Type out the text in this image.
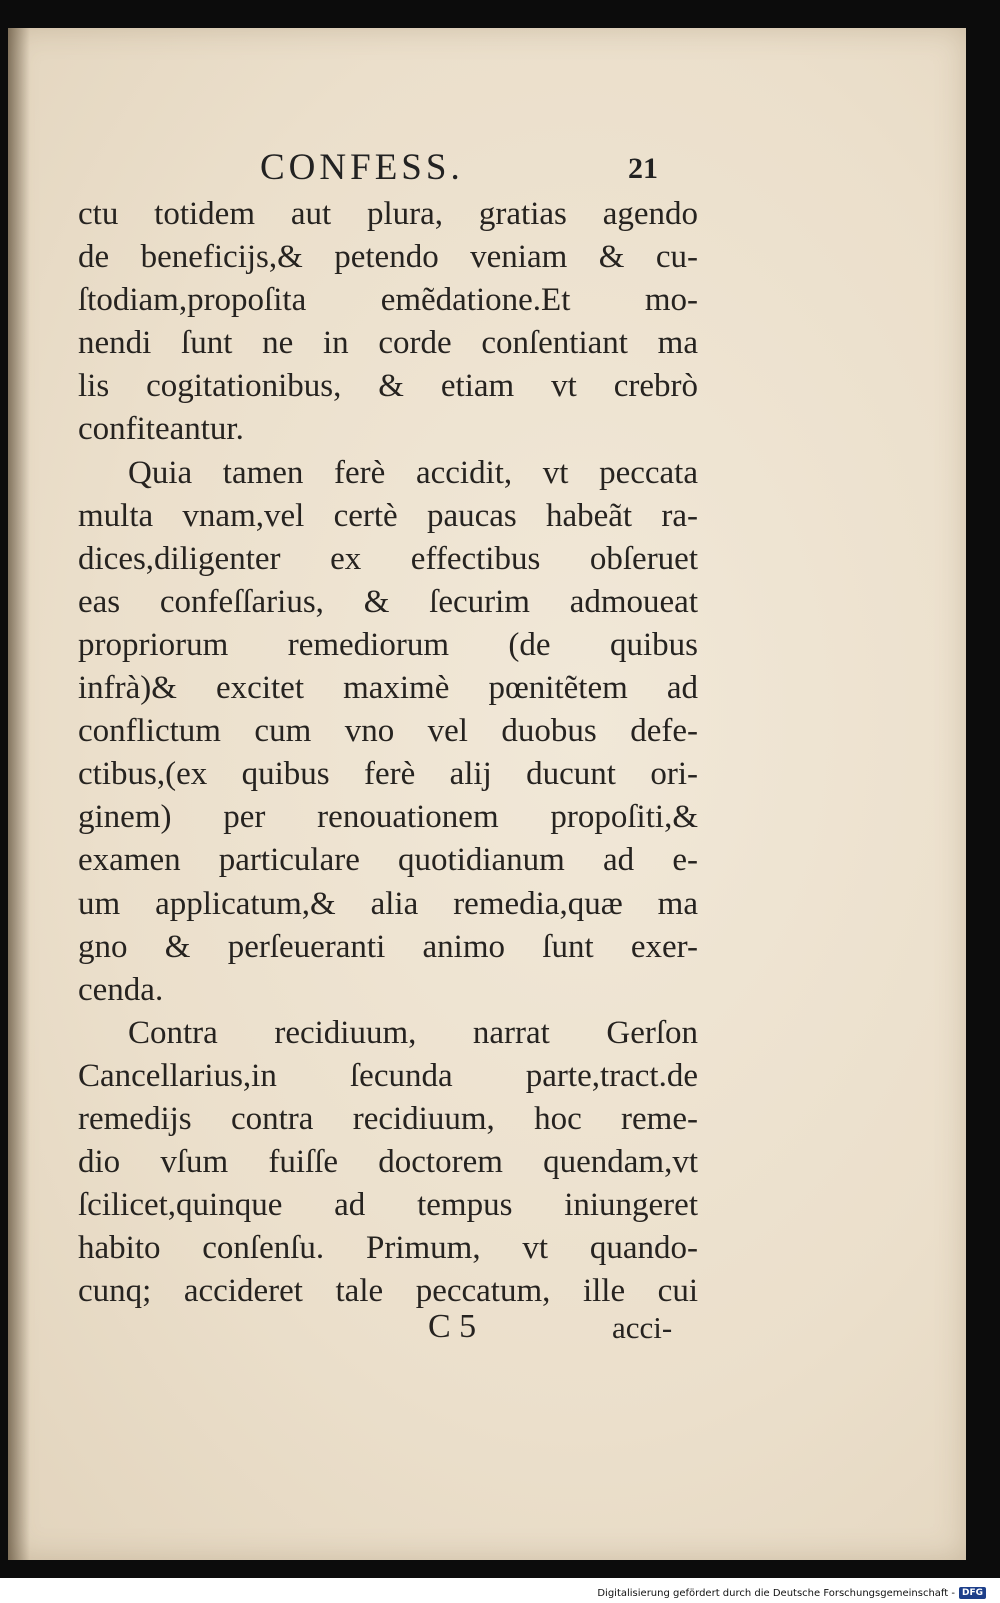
CONFESS.	21
ctu totidem aut plura, gratias agendo
de beneficijs,& petendo veniam & cu-
ſtodiam,propoſita emẽdatione.Et mo-
nendi ſunt ne in corde conſentiant ma
lis cogitationibus, & etiam vt crebrò
confiteantur.
Quia tamen ferè accidit, vt peccata
multa vnam,vel certè paucas habeãt ra-
dices,diligenter ex effectibus obſeruet
eas confeſſarius, & ſecurim admoueat
propriorum remediorum (de quibus
infrà)& excitet maximè pœnitẽtem ad
conflictum cum vno vel duobus defe-
ctibus,(ex quibus ferè alij ducunt ori-
ginem) per renouationem propoſiti,&
examen particulare quotidianum ad e-
um applicatum,& alia remedia,quæ ma
gno & perſeueranti animo ſunt exer-
cenda.
Contra recidiuum, narrat Gerſon
Cancellarius,in ſecunda parte,tract.de
remedijs contra recidiuum, hoc reme-
dio vſum fuiſſe doctorem quendam,vt
ſcilicet,quinque ad tempus iniungeret
habito conſenſu. Primum, vt quando-
cunq; accideret tale peccatum, ille cui
C 5	acci-
Digitalisierung gefördert durch die Deutsche Forschungsgemeinschaft - DFG
